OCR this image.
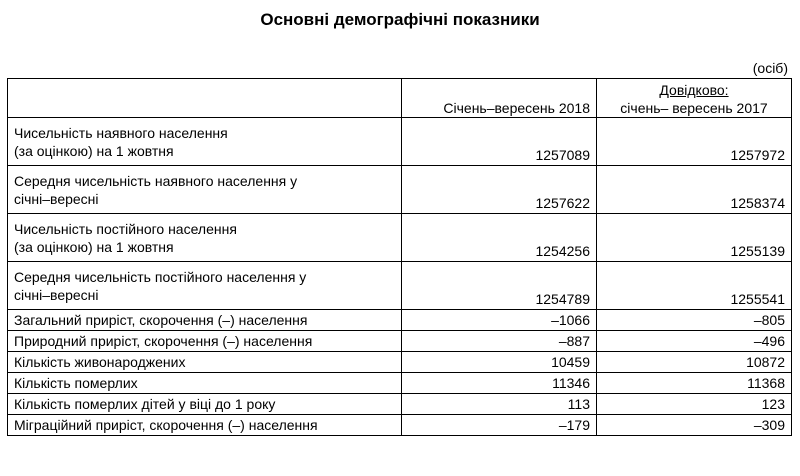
Основні демографічні показники
(осіб)
	Січень–вересень 2018	Довідково:
січень– вересень 2017

Чисельність наявного населення
(за оцінкою) на 1 жовтня	1257089	1257972

Середня чисельність наявного населення у
січні–вересні	1257622	1258374

Чисельність постійного населення
(за оцінкою) на 1 жовтня	1254256	1255139

Середня чисельність постійного населення у
січні–вересні	1254789	1255541
Загальний приріст, скорочення (–) населення	–1066	–805
Природний приріст, скорочення (–) населення	–887	–496
Кількість живонароджених	10459	10872
Кількість померлих	11346	11368
Кількість померлих дітей у віці до 1 року	113	123
Міграційний приріст, скорочення (–) населення	–179	–309
